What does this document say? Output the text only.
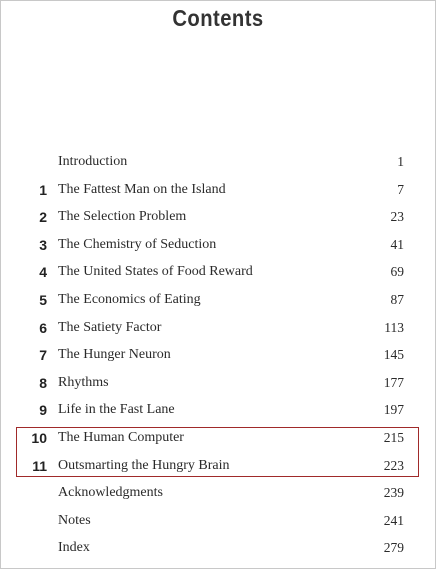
Contents
Introduction	1
1 The Fattest Man on the Island	7
2 The Selection Problem	23
3 The Chemistry of Seduction	41
4 The United States of Food Reward	69
5 The Economics of Eating	87
6 The Satiety Factor	113
7 The Hunger Neuron	145
8 Rhythms	177
9 Life in the Fast Lane	197
10 The Human Computer	215
11 Outsmarting the Hungry Brain	223
Acknowledgments	239
Notes	241
Index	279
